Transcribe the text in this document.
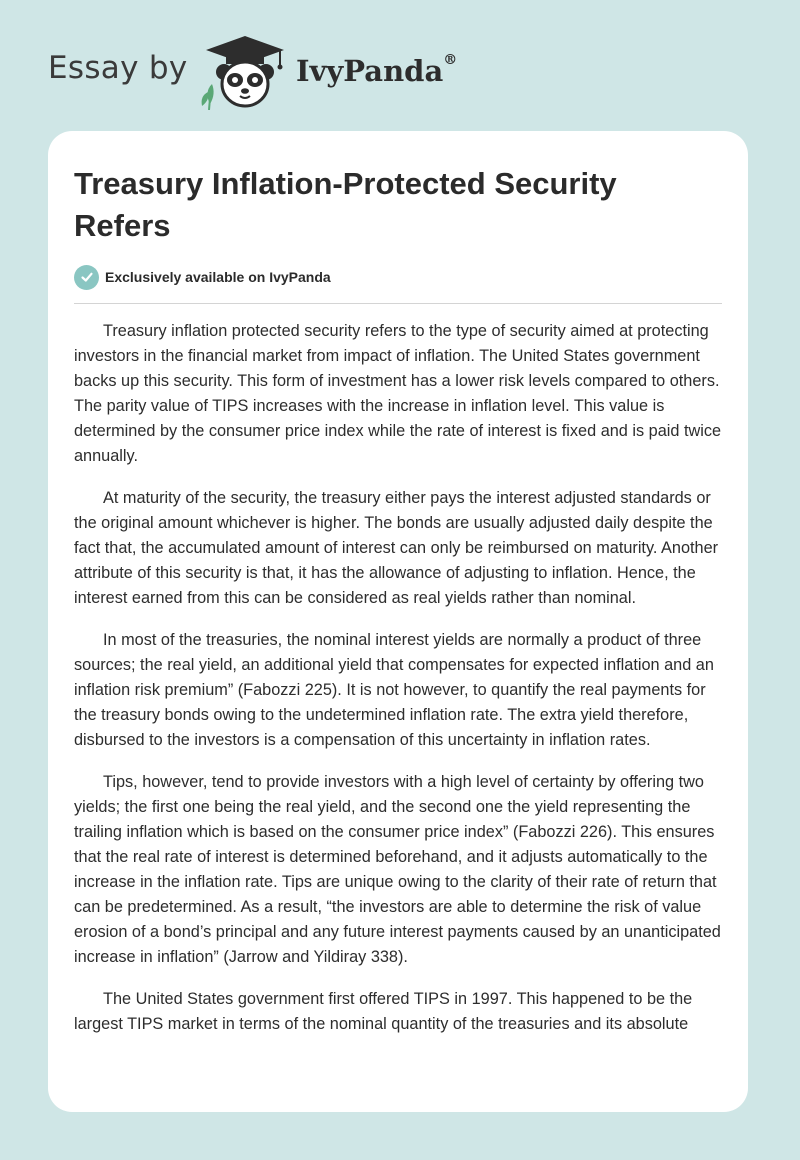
Essay by	IvyPanda®
Treasury Inflation-Protected Security Refers
Exclusively available on IvyPanda

Treasury inflation protected security refers to the type of security aimed at protecting investors in the financial market from impact of inflation. The United States government backs up this security. This form of investment has a lower risk levels compared to others. The parity value of TIPS increases with the increase in inflation level. This value is determined by the consumer price index while the rate of interest is fixed and is paid twice annually.

At maturity of the security, the treasury either pays the interest adjusted standards or the original amount whichever is higher. The bonds are usually adjusted daily despite the fact that, the accumulated amount of interest can only be reimbursed on maturity. Another attribute of this security is that, it has the allowance of adjusting to inflation. Hence, the interest earned from this can be considered as real yields rather than nominal.

In most of the treasuries, the nominal interest yields are normally a product of three sources; the real yield, an additional yield that compensates for expected inflation and an inflation risk premium” (Fabozzi 225). It is not however, to quantify the real payments for the treasury bonds owing to the undetermined inflation rate. The extra yield therefore, disbursed to the investors is a compensation of this uncertainty in inflation rates.

Tips, however, tend to provide investors with a high level of certainty by offering two yields; the first one being the real yield, and the second one the yield representing the trailing inflation which is based on the consumer price index” (Fabozzi 226). This ensures that the real rate of interest is determined beforehand, and it adjusts automatically to the increase in the inflation rate. Tips are unique owing to the clarity of their rate of return that can be predetermined. As a result, “the investors are able to determine the risk of value erosion of a bond’s principal and any future interest payments caused by an unanticipated increase in inflation” (Jarrow and Yildiray 338).

The United States government first offered TIPS in 1997. This happened to be the largest TIPS market in terms of the nominal quantity of the treasuries and its absolute
